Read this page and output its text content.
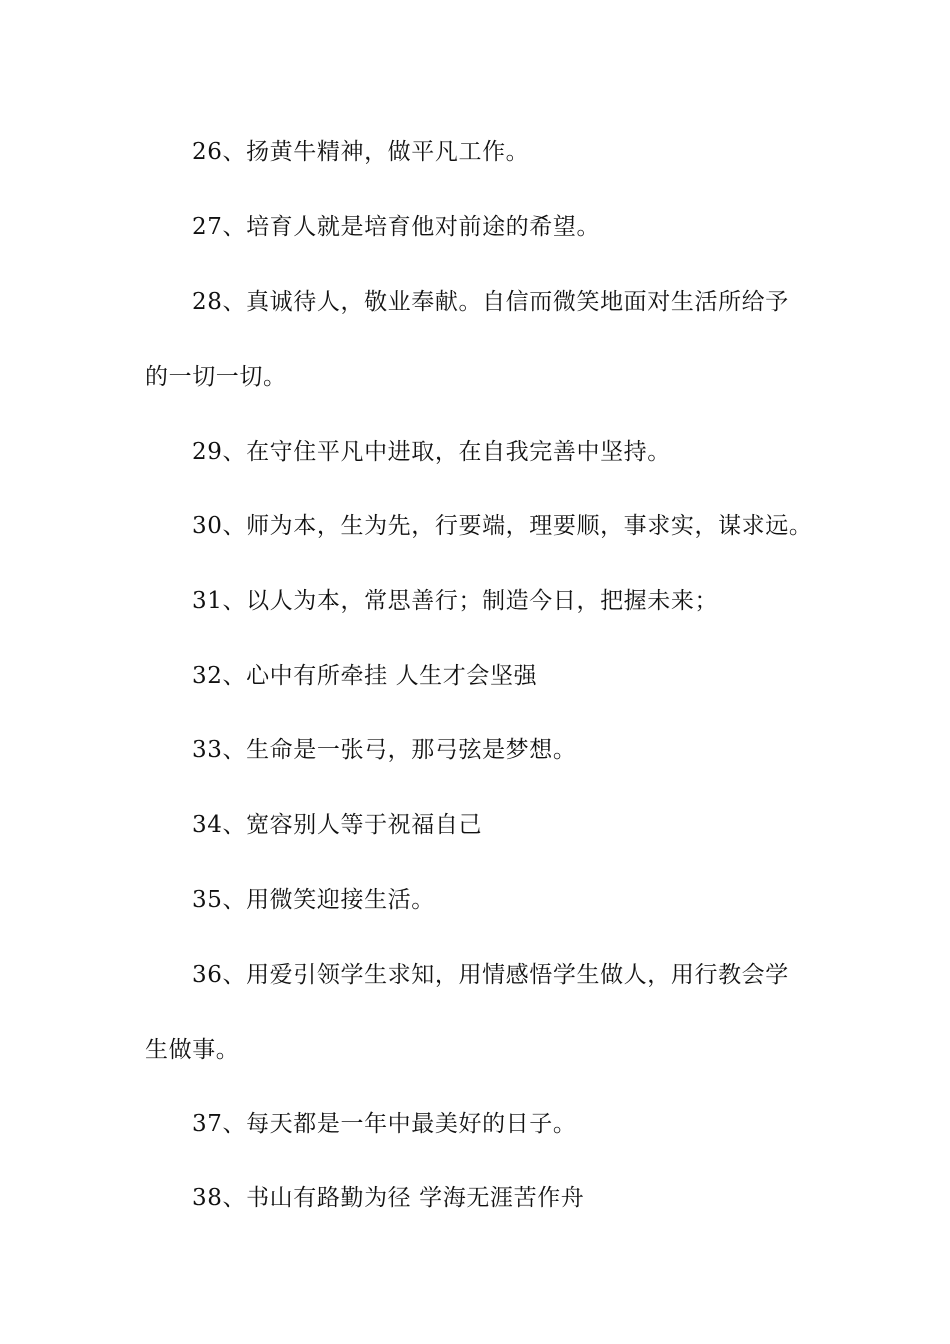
26、扬黄牛精神，做平凡工作。
27、培育人就是培育他对前途的希望。
28、真诚待人，敬业奉献。自信而微笑地面对生活所给予
的一切一切。
29、在守住平凡中进取，在自我完善中坚持。
30、师为本，生为先，行要端，理要顺，事求实，谋求远。
31、以人为本，常思善行；制造今日，把握未来；
32、心中有所牵挂 人生才会坚强
33、生命是一张弓，那弓弦是梦想。
34、宽容别人等于祝福自己
35、用微笑迎接生活。
36、用爱引领学生求知，用情感悟学生做人，用行教会学
生做事。
37、每天都是一年中最美好的日子。
38、书山有路勤为径 学海无涯苦作舟
